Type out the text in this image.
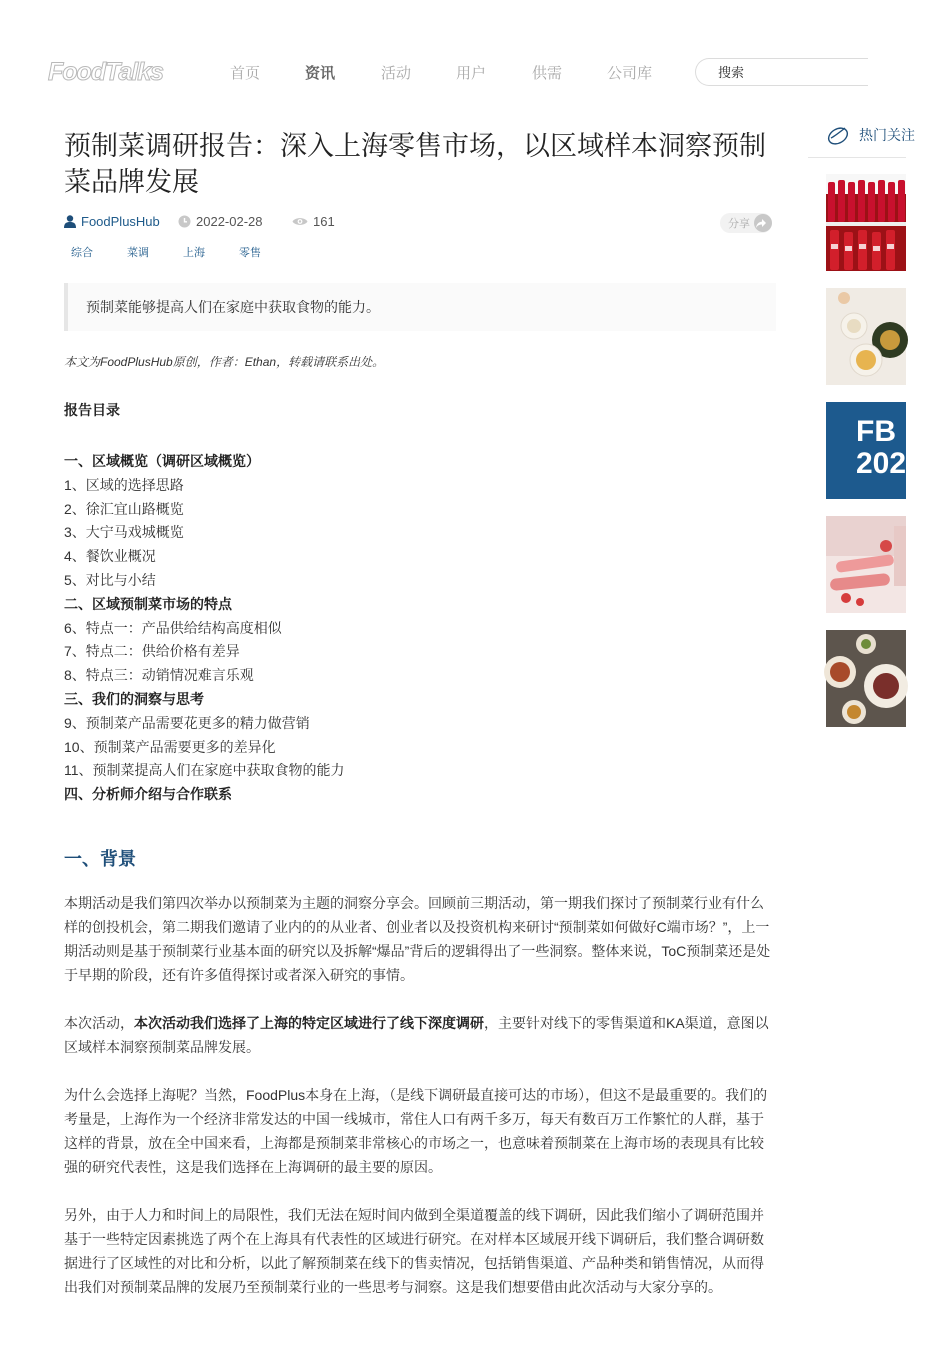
FoodTalks	首页	资讯	活动	用户	供需	公司库
搜索
预制菜调研报告：深入上海零售市场，以区域样本洞察预制菜品牌发展
FoodPlusHub	2022-02-28	161	分享
综合	菜调	上海	零售
预制菜能够提高人们在家庭中获取食物的能力。
本文为FoodPlusHub原创，作者：Ethan，转载请联系出处。
报告目录
一、区域概览（调研区域概览）
1、区域的选择思路
2、徐汇宜山路概览
3、大宁马戏城概览
4、餐饮业概况
5、对比与小结
二、区域预制菜市场的特点
6、特点一：产品供给结构高度相似
7、特点二：供给价格有差异
8、特点三：动销情况难言乐观
三、我们的洞察与思考
9、预制菜产品需要花更多的精力做营销
10、预制菜产品需要更多的差异化
11、预制菜提高人们在家庭中获取食物的能力
四、分析师介绍与合作联系
一、背景

本期活动是我们第四次举办以预制菜为主题的洞察分享会。回顾前三期活动，第一期我们探讨了预制菜行业有什么样的创投机会，第二期我们邀请了业内的的从业者、创业者以及投资机构来研讨“预制菜如何做好C端市场？”，上一期活动则是基于预制菜行业基本面的研究以及拆解“爆品”背后的逻辑得出了一些洞察。整体来说，ToC预制菜还是处于早期的阶段，还有许多值得探讨或者深入研究的事情。

本次活动，本次活动我们选择了上海的特定区域进行了线下深度调研，主要针对线下的零售渠道和KA渠道，意图以区域样本洞察预制菜品牌发展。

为什么会选择上海呢？当然，FoodPlus本身在上海，（是线下调研最直接可达的市场），但这不是最重要的。我们的考量是，上海作为一个经济非常发达的中国一线城市，常住人口有两千多万，每天有数百万工作繁忙的人群，基于这样的背景，放在全中国来看，上海都是预制菜非常核心的市场之一，也意味着预制菜在上海市场的表现具有比较强的研究代表性，这是我们选择在上海调研的最主要的原因。

另外，由于人力和时间上的局限性，我们无法在短时间内做到全渠道覆盖的线下调研，因此我们缩小了调研范围并基于一些特定因素挑选了两个在上海具有代表性的区域进行研究。在对样本区域展开线下调研后，我们整合调研数据进行了区域性的对比和分析，以此了解预制菜在线下的售卖情况，包括销售渠道、产品种类和销售情况，从而得出我们对预制菜品牌的发展乃至预制菜行业的一些思考与洞察。这是我们想要借由此次活动与大家分享的。

热门关注
FB
202
